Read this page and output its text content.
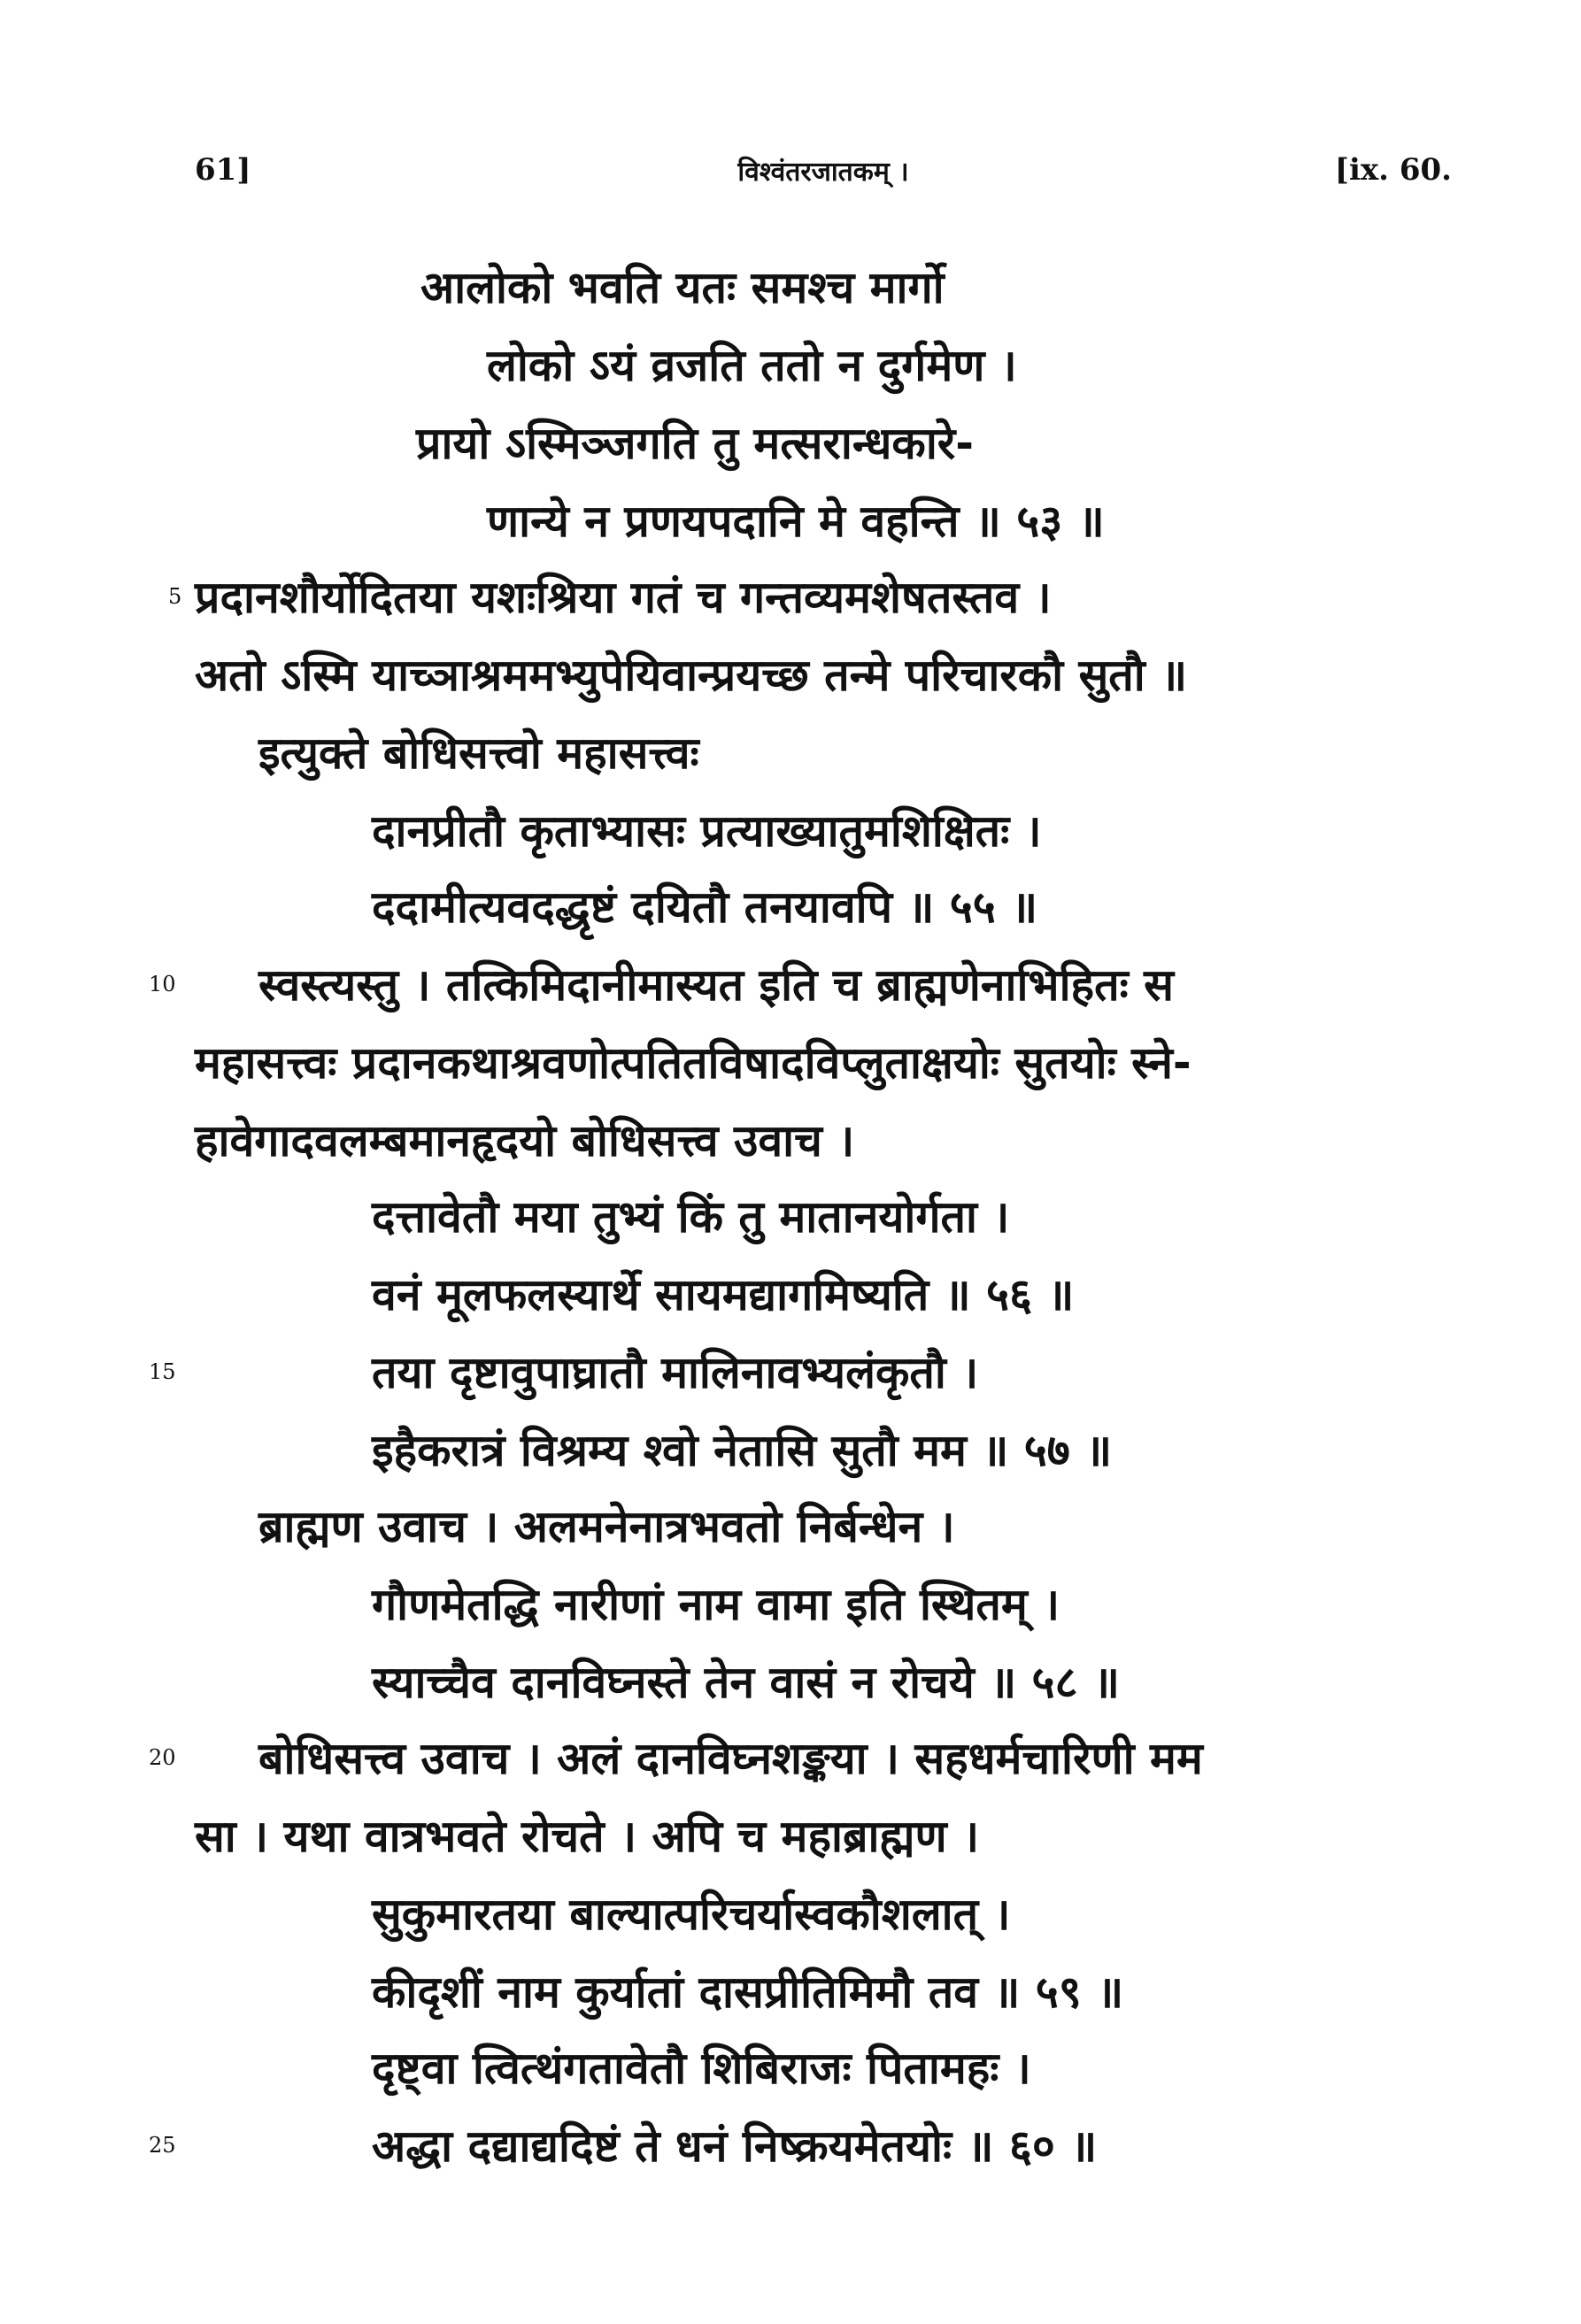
61]	विश्वंतरजातकम् ।	[ix. 60.
आलोको भवति यतः समश्च मार्गो
लोको ऽयं व्रजति ततो न दुर्गमेण ।
प्रायो ऽस्मिञ्जगति तु मत्सरान्धकारे-
णान्ये न प्रणयपदानि मे वहन्ति ॥ ५३ ॥
प्रदानशौर्योदितया यशःश्रिया गतं च गन्तव्यमशेषतस्तव ।
अतो ऽस्मि याच्ञाश्रममभ्युपेयिवान्प्रयच्छ तन्मे परिचारकौ सुतौ ॥
इत्युक्ते बोधिसत्त्वो महासत्त्वः
दानप्रीतौ कृताभ्यासः प्रत्याख्यातुमशिक्षितः ।
ददामीत्यवदद्धृष्टं दयितौ तनयावपि ॥ ५५ ॥
स्वस्त्यस्तु । तत्किमिदानीमास्यत इति च ब्राह्मणेनाभिहितः स
महासत्त्वः प्रदानकथाश्रवणोत्पतितविषादविप्लुताक्षयोः सुतयोः स्ने-
हावेगादवलम्बमानहृदयो बोधिसत्त्व उवाच ।
दत्तावेतौ मया तुभ्यं किं तु मातानयोर्गता ।
वनं मूलफलस्यार्थे सायमद्यागमिष्यति ॥ ५६ ॥
तया दृष्टावुपाघ्रातौ मालिनावभ्यलंकृतौ ।
इहैकरात्रं विश्रम्य श्वो नेतासि सुतौ मम ॥ ५७ ॥
ब्राह्मण उवाच । अलमनेनात्रभवतो निर्बन्धेन ।
गौणमेतद्धि नारीणां नाम वामा इति स्थितम् ।
स्याच्चैव दानविघ्नस्ते तेन वासं न रोचये ॥ ५८ ॥
बोधिसत्त्व उवाच । अलं दानविघ्नशङ्कया । सहधर्मचारिणी मम
सा । यथा वात्रभवते रोचते । अपि च महाब्राह्मण ।
सुकुमारतया बाल्यात्परिचर्यास्वकौशलात् ।
कीदृशीं नाम कुर्यातां दासप्रीतिमिमौ तव ॥ ५९ ॥
दृष्ट्वा त्वित्थंगतावेतौ शिबिराजः पितामहः ।
अद्धा दद्याद्यदिष्टं ते धनं निष्क्रयमेतयोः ॥ ६० ॥
5
10
15
20
25
